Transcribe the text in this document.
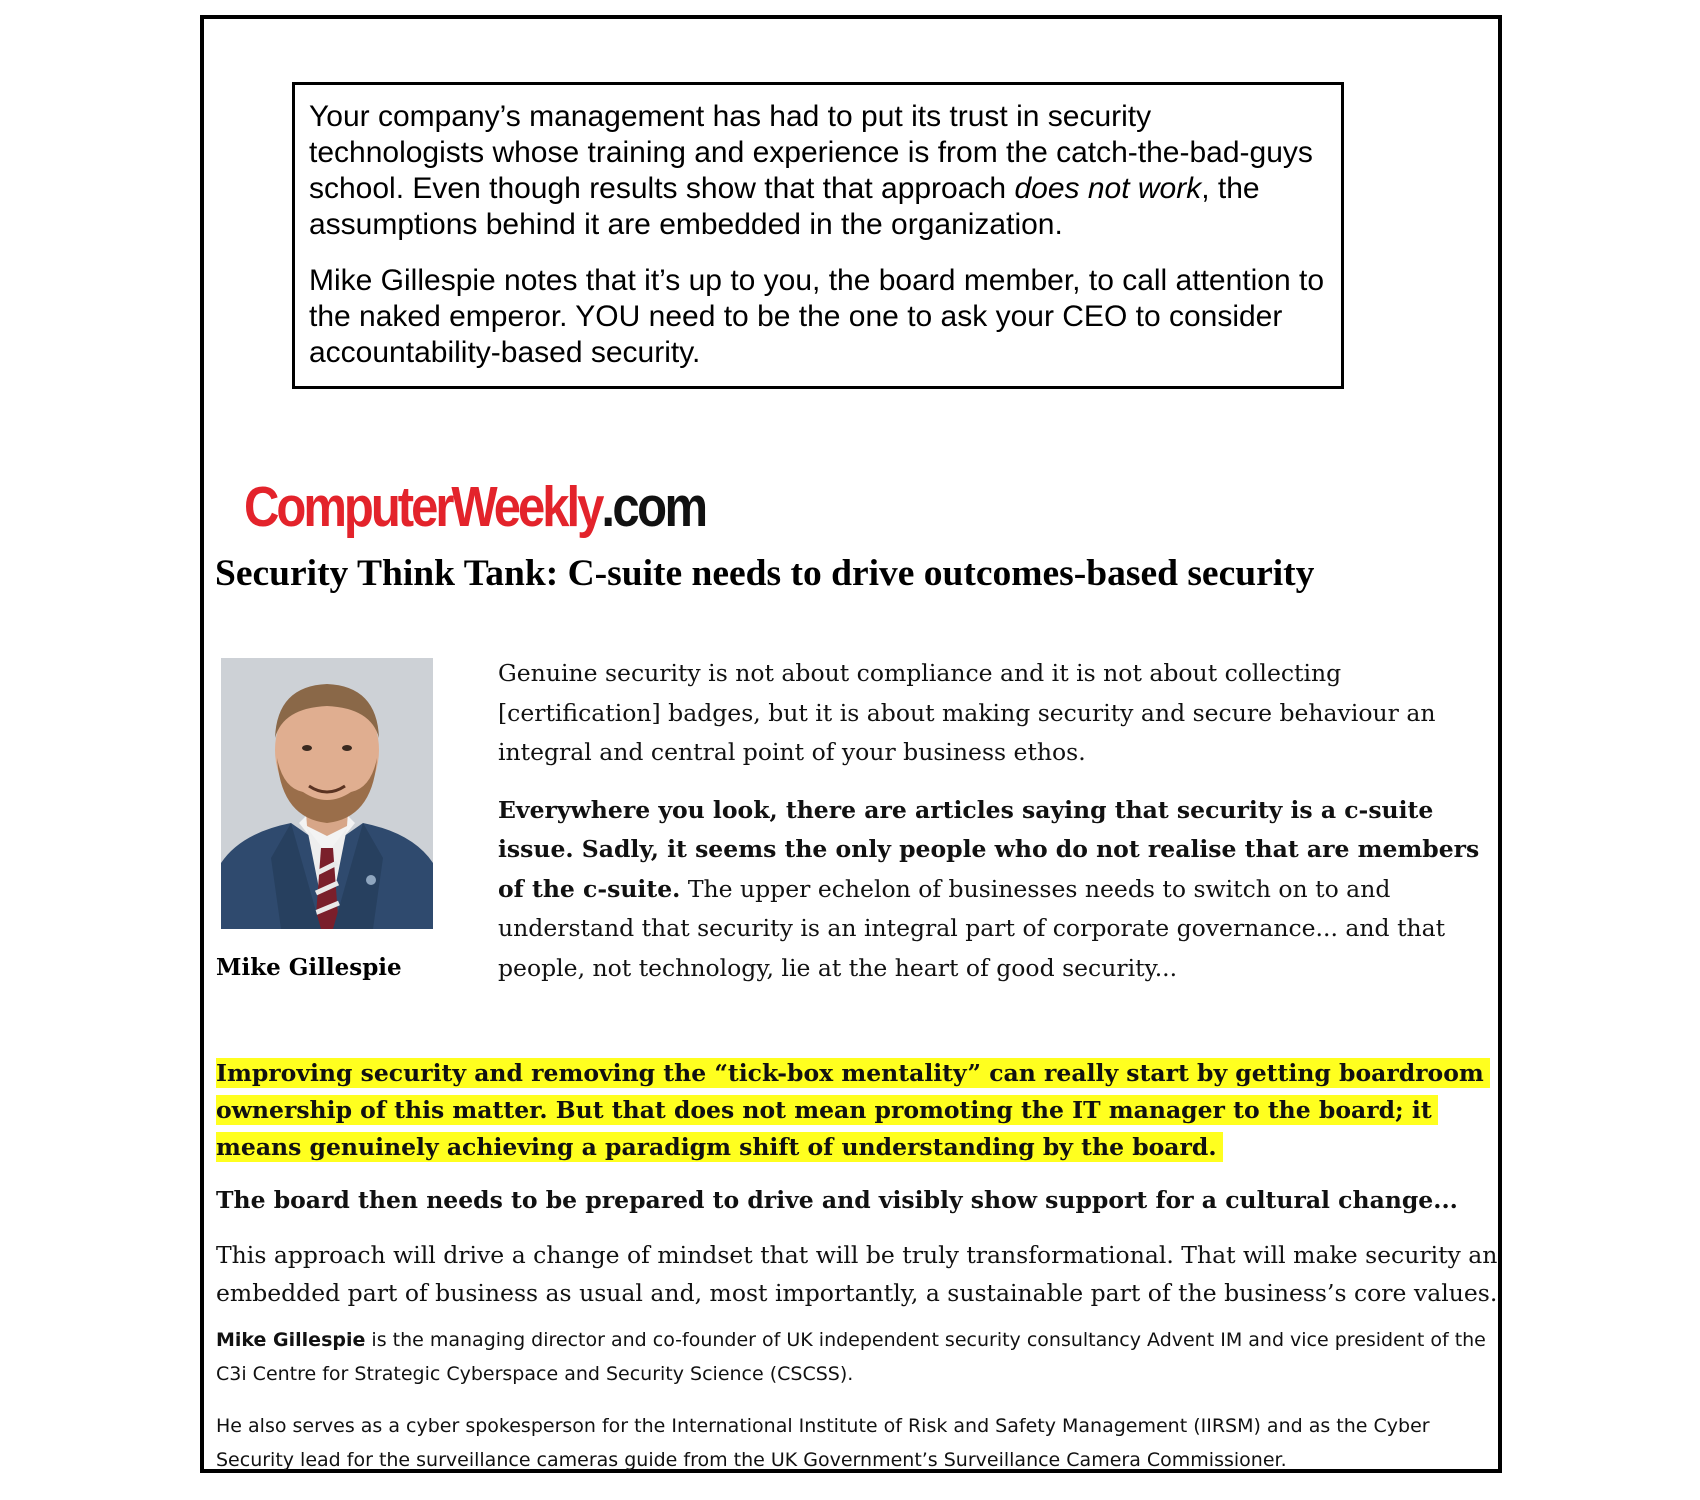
Your company’s management has had to put its trust in security technologists whose training and experience is from the catch-the-bad-guys school. Even though results show that that approach does not work, the assumptions behind it are embedded in the organization.

Mike Gillespie notes that it’s up to you, the board member, to call attention to the naked emperor. YOU need to be the one to ask your CEO to consider accountability-based security.

ComputerWeekly.com
Security Think Tank: C-suite needs to drive outcomes-based security
Mike Gillespie

Genuine security is not about compliance and it is not about collecting [certification] badges, but it is about making security and secure behaviour an integral and central point of your business ethos.

Everywhere you look, there are articles saying that security is a c-suite issue. Sadly, it seems the only people who do not realise that are members of the c-suite. The upper echelon of businesses needs to switch on to and understand that security is an integral part of corporate governance... and that people, not technology, lie at the heart of good security...

Improving security and removing the “tick-box mentality” can really start by getting boardroom ownership of this matter. But that does not mean promoting the IT manager to the board; it means genuinely achieving a paradigm shift of understanding by the board.

The board then needs to be prepared to drive and visibly show support for a cultural change...

This approach will drive a change of mindset that will be truly transformational. That will make security an embedded part of business as usual and, most importantly, a sustainable part of the business’s core values.

Mike Gillespie is the managing director and co-founder of UK independent security consultancy Advent IM and vice president of the C3i Centre for Strategic Cyberspace and Security Science (CSCSS).

He also serves as a cyber spokesperson for the International Institute of Risk and Safety Management (IIRSM) and as the Cyber Security lead for the surveillance cameras guide from the UK Government’s Surveillance Camera Commissioner.
